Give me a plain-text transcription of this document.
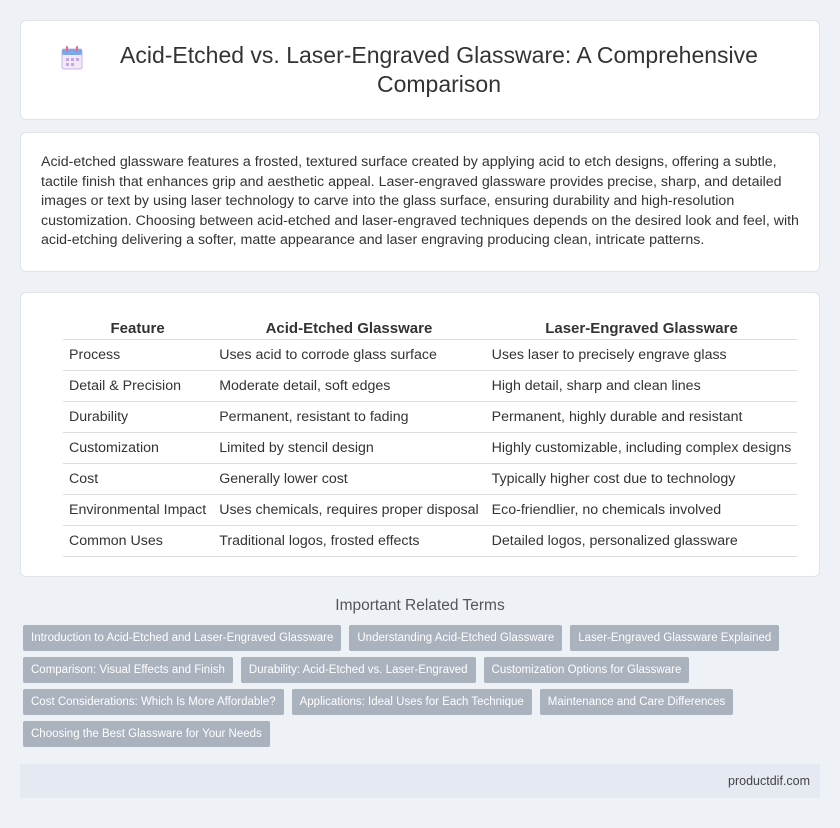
Acid-Etched vs. Laser-Engraved Glassware: A Comprehensive Comparison

Acid-etched glassware features a frosted, textured surface created by applying acid to etch designs, offering a subtle, tactile finish that enhances grip and aesthetic appeal. Laser-engraved glassware provides precise, sharp, and detailed images or text by using laser technology to carve into the glass surface, ensuring durability and high-resolution customization. Choosing between acid-etched and laser-engraved techniques depends on the desired look and feel, with acid-etching delivering a softer, matte appearance and laser engraving producing clean, intricate patterns.

Feature	Acid-Etched Glassware	Laser-Engraved Glassware
Process	Uses acid to corrode glass surface	Uses laser to precisely engrave glass
Detail & Precision	Moderate detail, soft edges	High detail, sharp and clean lines
Durability	Permanent, resistant to fading	Permanent, highly durable and resistant
Customization	Limited by stencil design	Highly customizable, including complex designs
Cost	Generally lower cost	Typically higher cost due to technology
Environmental Impact	Uses chemicals, requires proper disposal	Eco-friendlier, no chemicals involved
Common Uses	Traditional logos, frosted effects	Detailed logos, personalized glassware
Important Related Terms
Introduction to Acid-Etched and Laser-Engraved Glassware	Understanding Acid-Etched Glassware	Laser-Engraved Glassware Explained
Comparison: Visual Effects and Finish	Durability: Acid-Etched vs. Laser-Engraved	Customization Options for Glassware
Cost Considerations: Which Is More Affordable?	Applications: Ideal Uses for Each Technique	Maintenance and Care Differences
Choosing the Best Glassware for Your Needs
productdif.com
